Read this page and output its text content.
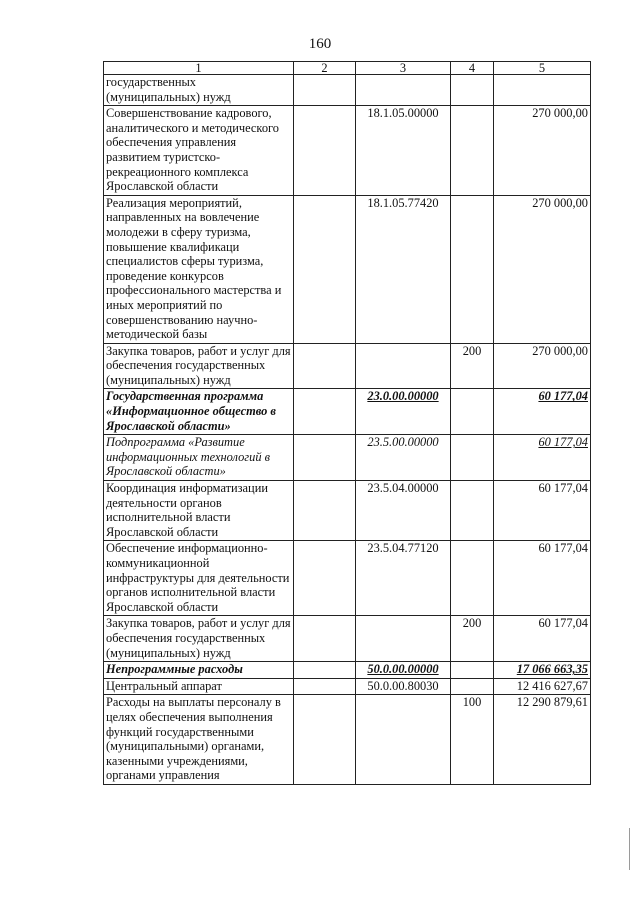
160
1	2	3	4	5
государственных (муниципальных) нужд				
Совершенствование кадрового, аналитического и методического обеспечения управления развитием туристско-рекреационного комплекса Ярославской области		18.1.05.00000		270 000,00
Реализация мероприятий, направленных на вовлечение молодежи в сферу туризма, повышение квалификаци специалистов сферы туризма, проведение конкурсов профессионального мастерства и иных мероприятий по совершенствованию научно-методической базы		18.1.05.77420		270 000,00
Закупка товаров, работ и услуг для обеспечения государственных (муниципальных) нужд			200	270 000,00
Государственная программа «Информационное общество в Ярославской области»		23.0.00.00000		60 177,04
Подпрограмма «Развитие информационных технологий в Ярославской области»		23.5.00.00000		60 177,04
Координация информатизации деятельности органов исполнительной власти Ярославской области		23.5.04.00000		60 177,04
Обеспечение информационно-коммуникационной инфраструктуры для деятельности органов исполнительной власти Ярославской области		23.5.04.77120		60 177,04
Закупка товаров, работ и услуг для обеспечения государственных (муниципальных) нужд			200	60 177,04
Непрограммные расходы		50.0.00.00000		17 066 663,35
Центральный аппарат		50.0.00.80030		12 416 627,67
Расходы на выплаты персоналу в целях обеспечения выполнения функций государственными (муниципальными) органами, казенными учреждениями, органами управления			100	12 290 879,61
